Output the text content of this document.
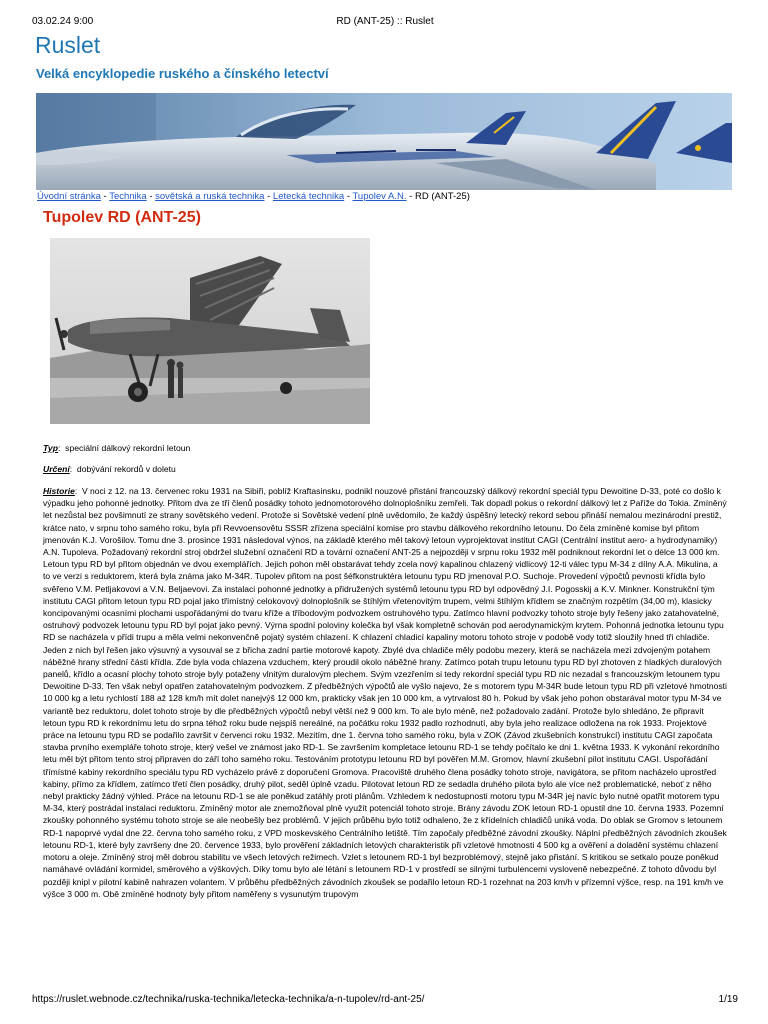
03.02.24 9:00	RD (ANT-25) :: Ruslet
Ruslet
Velká encyklopedie ruského a čínského letectví
Úvodní stránka - Technika - sovětská a ruská technika - Letecká technika - Tupolev A.N. - RD (ANT-25)
Tupolev RD (ANT-25)
Typ:  speciální dálkový rekordní letoun
Určení:  dobývání rekordů v doletu

Historie:  V noci z 12. na 13. červenec roku 1931 na Sibiři, poblíž Kraftasinsku, podnikl nouzové přistání francouzský dálkový rekordní speciál typu Dewoitine D-33, poté co došlo k výpadku jeho pohonné jednotky. Přitom dva ze tří členů posádky tohoto jednomotorového dolnoplošníku zemřeli. Tak dopadl pokus o rekordní dálkový let z Paříže do Tokia. Zmíněný let nezůstal bez povšimnutí ze strany sovětského vedení. Protože si Sovětské vedení plně uvědomilo, že každý úspěšný letecký rekord sebou přináší nemalou mezinárodní prestiž, krátce nato, v srpnu toho samého roku, byla při Revvoensovětu SSSR zřízena speciální komise pro stavbu dálkového rekordního letounu. Do čela zmíněné komise byl přitom jmenován K.J. Vorošilov. Tomu dne 3. prosince 1931 následoval výnos, na základě kterého měl takový letoun vyprojektovat institut CAGI (Centrální institut aero- a hydrodynamiky) A.N. Tupoleva. Požadovaný rekordní stroj obdržel služební označení RD a tovární označení ANT-25 a nejpozději v srpnu roku 1932 měl podniknout rekordní let o délce 13 000 km. Letoun typu RD byl přitom objednán ve dvou exemplářích. Jejich pohon měl obstarávat tehdy zcela nový kapalinou chlazený vidlicový 12-ti válec typu M-34 z dílny A.A. Mikulina, a to ve verzi s reduktorem, která byla známa jako M-34R. Tupolev přitom na post šéfkonstruktéra letounu typu RD jmenoval P.O. Suchoje. Provedení výpočtů pevnosti křídla bylo svěřeno V.M. Petljakovovi a V.N. Beljaevovi. Za instalaci pohonné jednotky a přidružených systémů letounu typu RD byl odpovědný J.I. Pogosskij a K.V. Minkner. Konstrukční tým institutu CAGI přitom letoun typu RD pojal jako třímístný celokovový dolnoplošník se štíhlým vřetenovitým trupem, velmi štíhlým křídlem se značným rozpětím (34,00 m), klasicky koncipovanými ocasními plochami uspořádanými do tvaru kříže a tříbodovým podvozkem ostruhového typu. Zatímco hlavní podvozky tohoto stroje byly řešeny jako zatahovatelné, ostruhový podvozek letounu typu RD byl pojat jako pevný. Výrna spodní poloviny kolečka byl však kompletně schován pod aerodynamickým krytem. Pohonná jednotka letounu typu RD se nacházela v přídi trupu a měla velmi nekonvenčně pojatý systém chlazení. K chlazení chladicí kapaliny motoru tohoto stroje v podobě vody totiž sloužily hned tři chladiče. Jeden z nich byl řešen jako výsuvný a vysouval se z břicha zadní partie motorové kapoty. Zbylé dva chladiče měly podobu mezery, která se nacházela mezi zdvojeným potahem náběžné hrany střední části křídla. Zde byla voda chlazena vzduchem, který proudil okolo náběžné hrany. Zatímco potah trupu letounu typu RD byl zhotoven z hladkých duralových panelů, křídlo a ocasní plochy tohoto stroje byly potaženy vlnitým duralovým plechem. Svým vzezřením si tedy rekordní speciál typu RD nic nezadal s francouzským letounem typu Dewoitine D-33. Ten však nebyl opatřen zatahovatelným podvozkem. Z předběžných výpočtů ale vyšlo najevo, že s motorem typu M-34R bude letoun typu RD při vzletové hmotnosti 10 000 kg a letu rychlostí 188 až 128 km/h mít dolet nanejvýš 12 000 km, prakticky však jen 10 000 km, a vytrvalost 80 h. Pokud by však jeho pohon obstarával motor typu M-34 ve variantě bez reduktoru, dolet tohoto stroje by dle předběžných výpočtů nebyl větší než 9 000 km. To ale bylo méně, než požadovalo zadání. Protože bylo shledáno, že připravit letoun typu RD k rekordnímu letu do srpna téhož roku bude nejspíš nereálné, na počátku roku 1932 padlo rozhodnutí, aby byla jeho realizace odložena na rok 1933. Projektové práce na letounu typu RD se podařilo završit v červenci roku 1932. Mezitím, dne 1. června toho samého roku, byla v ZOK (Závod zkušebních konstrukcí) institutu CAGI započata stavba prvního exempláře tohoto stroje, který vešel ve známost jako RD-1. Se završením kompletace letounu RD-1 se tehdy počítalo ke dni 1. května 1933. K vykonání rekordního letu měl být přitom tento stroj připraven do září toho samého roku. Testováním prototypu letounu RD byl pověřen M.M. Gromov, hlavní zkušební pilot institutu CAGI. Uspořádání třímístné kabiny rekordního speciálu typu RD vycházelo právě z doporučení Gromova. Pracoviště druhého člena posádky tohoto stroje, navigátora, se přitom nacházelo uprostřed kabiny, přímo za křídlem, zatímco třetí člen posádky, druhý pilot, seděl úplně vzadu. Pilotovat letoun RD ze sedadla druhého pilota bylo ale více než problematické, neboť z něho nebyl prakticky žádný výhled. Práce na letounu RD-1 se ale poněkud zatáhly proti plánům. Vzhledem k nedostupnosti motoru typu M-34R jej navíc bylo nutné opatřit motorem typu M-34, který postrádal instalaci reduktoru. Zmíněný motor ale znemožňoval plně využít potenciál tohoto stroje. Brány závodu ZOK letoun RD-1 opustil dne 10. června 1933. Pozemní zkoušky pohonného systému tohoto stroje se ale neobešly bez problémů. V jejich průběhu bylo totiž odhaleno, že z křídelních chladičů uniká voda. Do oblak se Gromov s letounem RD-1 napoprvé vydal dne 22. června toho samého roku, z VPD moskevského Centrálního letiště. Tím započaly předběžné závodní zkoušky. Náplní předběžných závodních zkoušek letounu RD-1, které byly završeny dne 20. července 1933, bylo prověření základních letových charakteristik při vzletové hmotnosti 4 500 kg a ověření a doladění systému chlazení motoru a oleje. Zmíněný stroj měl dobrou stabilitu ve všech letových režimech. Vzlet s letounem RD-1 byl bezproblémový, stejně jako přistání. S kritikou se setkalo pouze poněkud namáhavé ovládání kormidel, směrového a výškových. Díky tomu bylo ale létání s letounem RD-1 v prostředí se silnými turbulencemi vysloveně nebezpečné. Z tohoto důvodu byl později knipl v pilotní kabině nahrazen volantem. V průběhu předběžných závodních zkoušek se podařilo letoun RD-1 rozehnat na 203 km/h v přízemní výšce, resp. na 191 km/h ve výšce 3 000 m. Obě zmíněné hodnoty byly přitom naměřeny s vysunutým trupovým

https://ruslet.webnode.cz/technika/ruska-technika/letecka-technika/a-n-tupolev/rd-ant-25/	1/19
